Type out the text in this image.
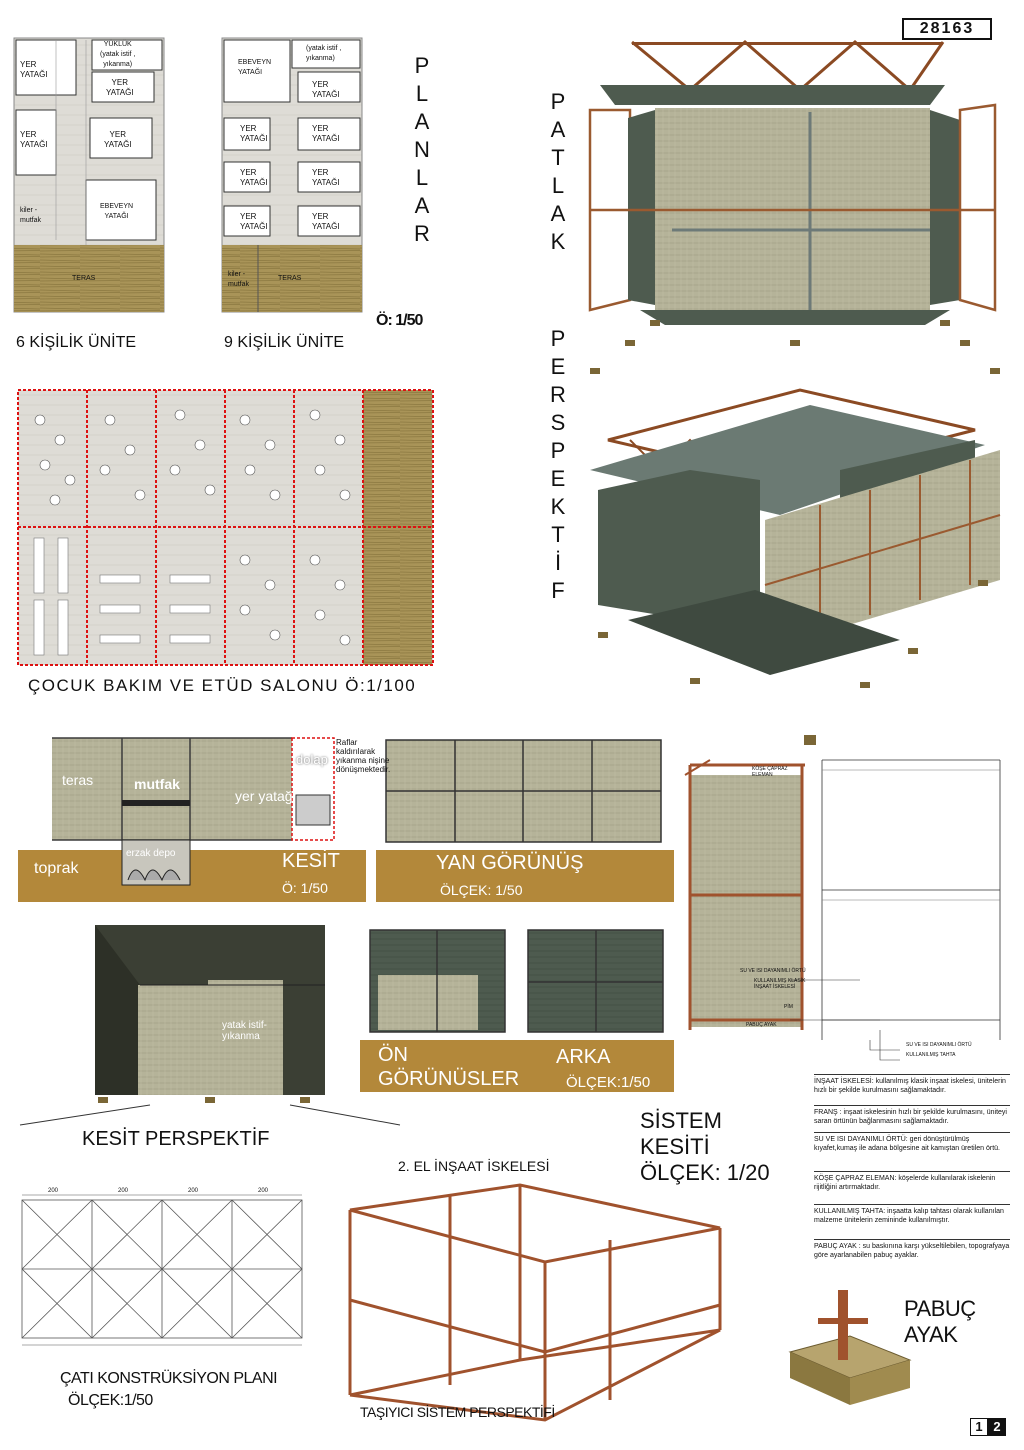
28163
P
L
A
N
L
A
R
Ö: 1/50
6 KİŞİLİK ÜNİTE	9 KİŞİLİK ÜNİTE
YER
YATAĞI
YÜKLÜK
(yatak istif ,
yıkanma)
YER
YATAĞI
YER
YATAĞI
YER
YATAĞI
kiler -
mutfak
EBEVEYN
YATAĞI
TERAS
EBEVEYN
YATAĞI
(yatak istif ,
yıkanma)
YER
YATAĞI
YER
YATAĞI
YER
YATAĞI
YER
YATAĞI
YER
YATAĞI
YER
YATAĞI
YER
YATAĞI
kiler -
mutfak
TERAS
P
A
T
L
A
K
P
E
R
S
P
E
K
T
İ
F
ÇOCUK BAKIM VE ETÜD SALONU Ö:1/100
teras	mutfak
yer yatağı
dolap
Raflar
kaldırılarak
yıkanma nişine
dönüşmektedir.
toprak
erzak depo	KESİT
Ö: 1/50
YAN GÖRÜNÜŞ
ÖLÇEK: 1/50
ÖN
GÖRÜNÜSLER
ARKA
ÖLÇEK:1/50
yatak istif-
yıkanma
KESİT PERSPEKTİF
2. EL İNŞAAT İSKELESİ
TAŞIYICI SİSTEM PERSPEKTİFİ
SİSTEM
KESİTİ
ÖLÇEK: 1/20
KÖŞE ÇAPRAZ
ELEMAN
SU VE ISI DAYANIMLI ÖRTÜ
KULLANILMIŞ KLASİK
İNŞAAT İSKELESİ
PİM
PABUÇ AYAK
SU VE ISI DAYANIMLI ÖRTÜ
KULLANILMIŞ TAHTA
İNŞAAT İSKELESİ: kullanılmış klasik inşaat iskelesi, ünitelerin hızlı bir şekilde kurulmasını sağlamaktadır.
FRANŞ : inşaat iskelesinin hızlı bir şekilde kurulmasını, üniteyi saran örtünün bağlanmasını sağlamaktadır.
SU VE ISI DAYANIMLI ÖRTÜ: geri dönüştürülmüş kıyafet,kumaş ile adana bölgesine ait kamıştan üretilen örtü.
KÖŞE ÇAPRAZ ELEMAN: köşelerde kullanılarak iskelenin rijitliğini artırmaktadır.
KULLANILMIŞ TAHTA: inşaatta kalıp tahtası olarak kullanılan malzeme ünitelerin zemininde kullanılmıştır.
PABUÇ AYAK : su baskınına karşı yükseltilebilen, topografyaya göre ayarlanabilen pabuç ayaklar.
200	200	200	200
ÇATI KONSTRÜKSİYON PLANI
ÖLÇEK:1/50
PABUÇ
AYAK
1 2
